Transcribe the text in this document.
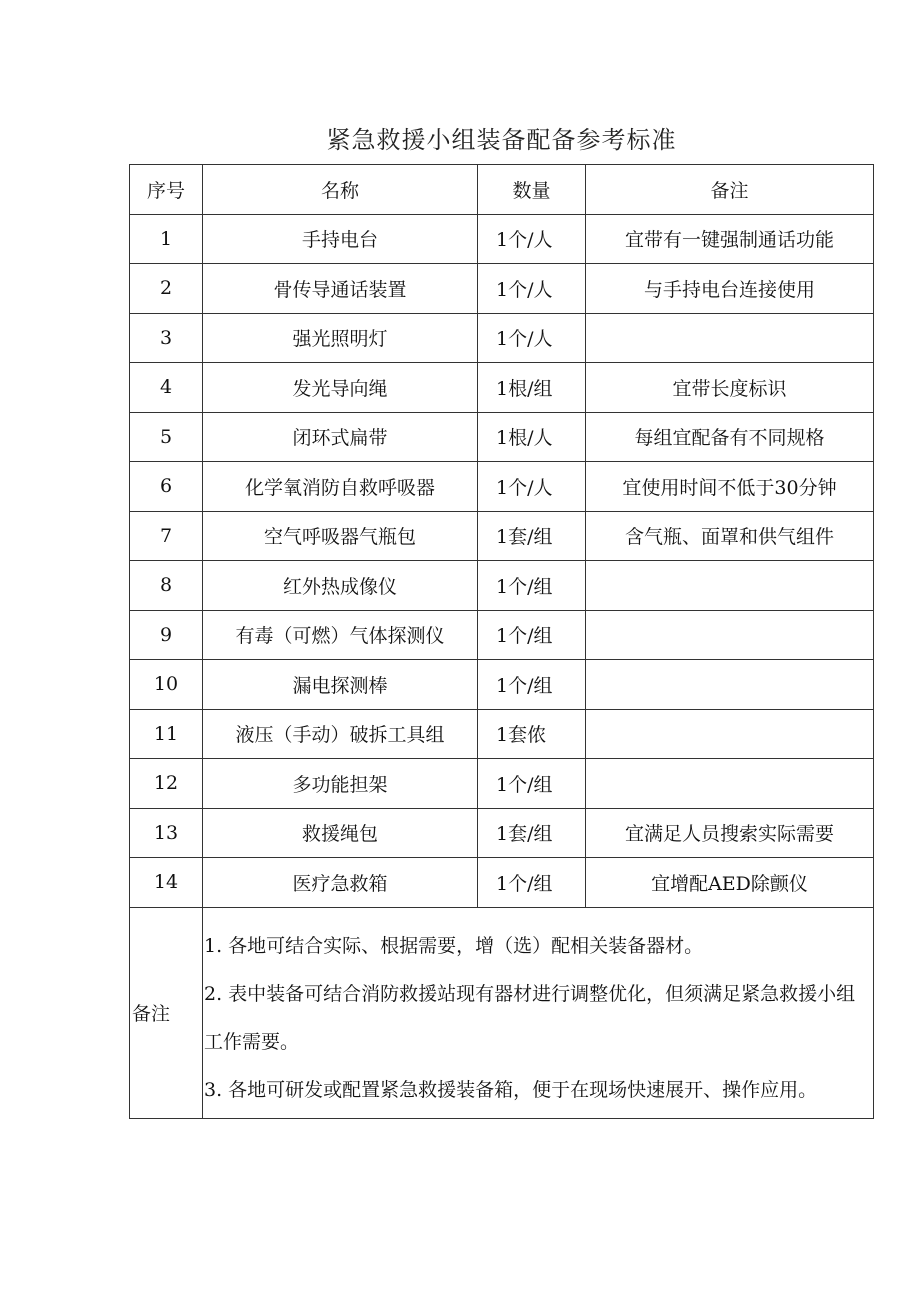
紧急救援小组装备配备参考标准
序号	名称	数量	备注
1	手持电台	1个/人	宜带有一键强制通话功能
2	骨传导通话装置	1个/人	与手持电台连接使用
3	强光照明灯	1个/人	
4	发光导向绳	1根/组	宜带长度标识
5	闭环式扁带	1根/人	每组宜配备有不同规格
6	化学氧消防自救呼吸器	1个/人	宜使用时间不低于30分钟
7	空气呼吸器气瓶包	1套/组	含气瓶、面罩和供气组件
8	红外热成像仪	1个/组	
9	有毒（可燃）气体探测仪	1个/组	
10	漏电探测棒	1个/组	
11	液压（手动）破拆工具组	1套侬	
12	多功能担架	1个/组	
13	救援绳包	1套/组	宜满足人员搜索实际需要
14	医疗急救箱	1个/组	宜增配AED除颤仪
备注	1. 各地可结合实际、根据需要，增（选）配相关装备器材。
2. 表中装备可结合消防救援站现有器材进行调整优化，但须满足紧急救援小组工作需要。
3. 各地可研发或配置紧急救援装备箱，便于在现场快速展开、操作应用。		
